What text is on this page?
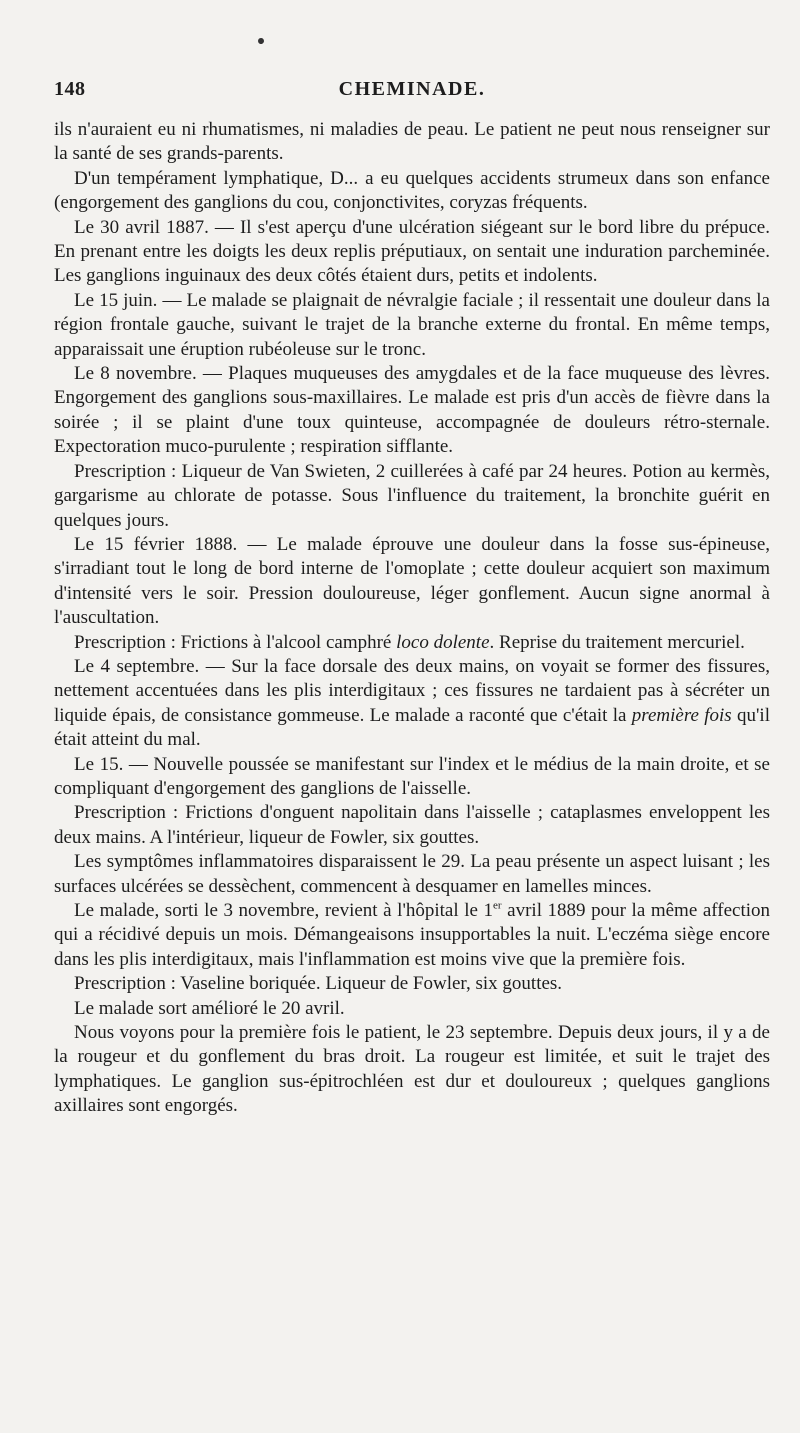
148	CHEMINADE.

ils n'auraient eu ni rhumatismes, ni maladies de peau. Le patient ne peut nous renseigner sur la santé de ses grands-parents.

D'un tempérament lymphatique, D... a eu quelques accidents strumeux dans son enfance (engorgement des ganglions du cou, conjonctivites, coryzas fréquents.

Le 30 avril 1887. — Il s'est aperçu d'une ulcération siégeant sur le bord libre du prépuce. En prenant entre les doigts les deux replis préputiaux, on sentait une induration parcheminée. Les ganglions inguinaux des deux côtés étaient durs, petits et indolents.

Le 15 juin. — Le malade se plaignait de névralgie faciale ; il ressentait une douleur dans la région frontale gauche, suivant le trajet de la branche externe du frontal. En même temps, apparaissait une éruption rubéoleuse sur le tronc.

Le 8 novembre. — Plaques muqueuses des amygdales et de la face muqueuse des lèvres. Engorgement des ganglions sous-maxillaires. Le malade est pris d'un accès de fièvre dans la soirée ; il se plaint d'une toux quinteuse, accompagnée de douleurs rétro-sternale. Expectoration muco-purulente ; respiration sifflante.

Prescription : Liqueur de Van Swieten, 2 cuillerées à café par 24 heures. Potion au kermès, gargarisme au chlorate de potasse. Sous l'influence du traitement, la bronchite guérit en quelques jours.

Le 15 février 1888. — Le malade éprouve une douleur dans la fosse sus-épineuse, s'irradiant tout le long de bord interne de l'omoplate ; cette douleur acquiert son maximum d'intensité vers le soir. Pression douloureuse, léger gonflement. Aucun signe anormal à l'auscultation.

Prescription : Frictions à l'alcool camphré loco dolente. Reprise du traitement mercuriel.

Le 4 septembre. — Sur la face dorsale des deux mains, on voyait se former des fissures, nettement accentuées dans les plis interdigitaux ; ces fissures ne tardaient pas à sécréter un liquide épais, de consistance gommeuse. Le malade a raconté que c'était la première fois qu'il était atteint du mal.

Le 15. — Nouvelle poussée se manifestant sur l'index et le médius de la main droite, et se compliquant d'engorgement des ganglions de l'aisselle.

Prescription : Frictions d'onguent napolitain dans l'aisselle ; cataplasmes enveloppent les deux mains. A l'intérieur, liqueur de Fowler, six gouttes.

Les symptômes inflammatoires disparaissent le 29. La peau présente un aspect luisant ; les surfaces ulcérées se dessèchent, commencent à desquamer en lamelles minces.

Le malade, sorti le 3 novembre, revient à l'hôpital le 1er avril 1889 pour la même affection qui a récidivé depuis un mois. Démangeaisons insupportables la nuit. L'eczéma siège encore dans les plis interdigitaux, mais l'inflammation est moins vive que la première fois.

Prescription : Vaseline boriquée. Liqueur de Fowler, six gouttes.

Le malade sort amélioré le 20 avril.

Nous voyons pour la première fois le patient, le 23 septembre. Depuis deux jours, il y a de la rougeur et du gonflement du bras droit. La rougeur est limitée, et suit le trajet des lymphatiques. Le ganglion sus-épitrochléen est dur et douloureux ; quelques ganglions axillaires sont engorgés.
